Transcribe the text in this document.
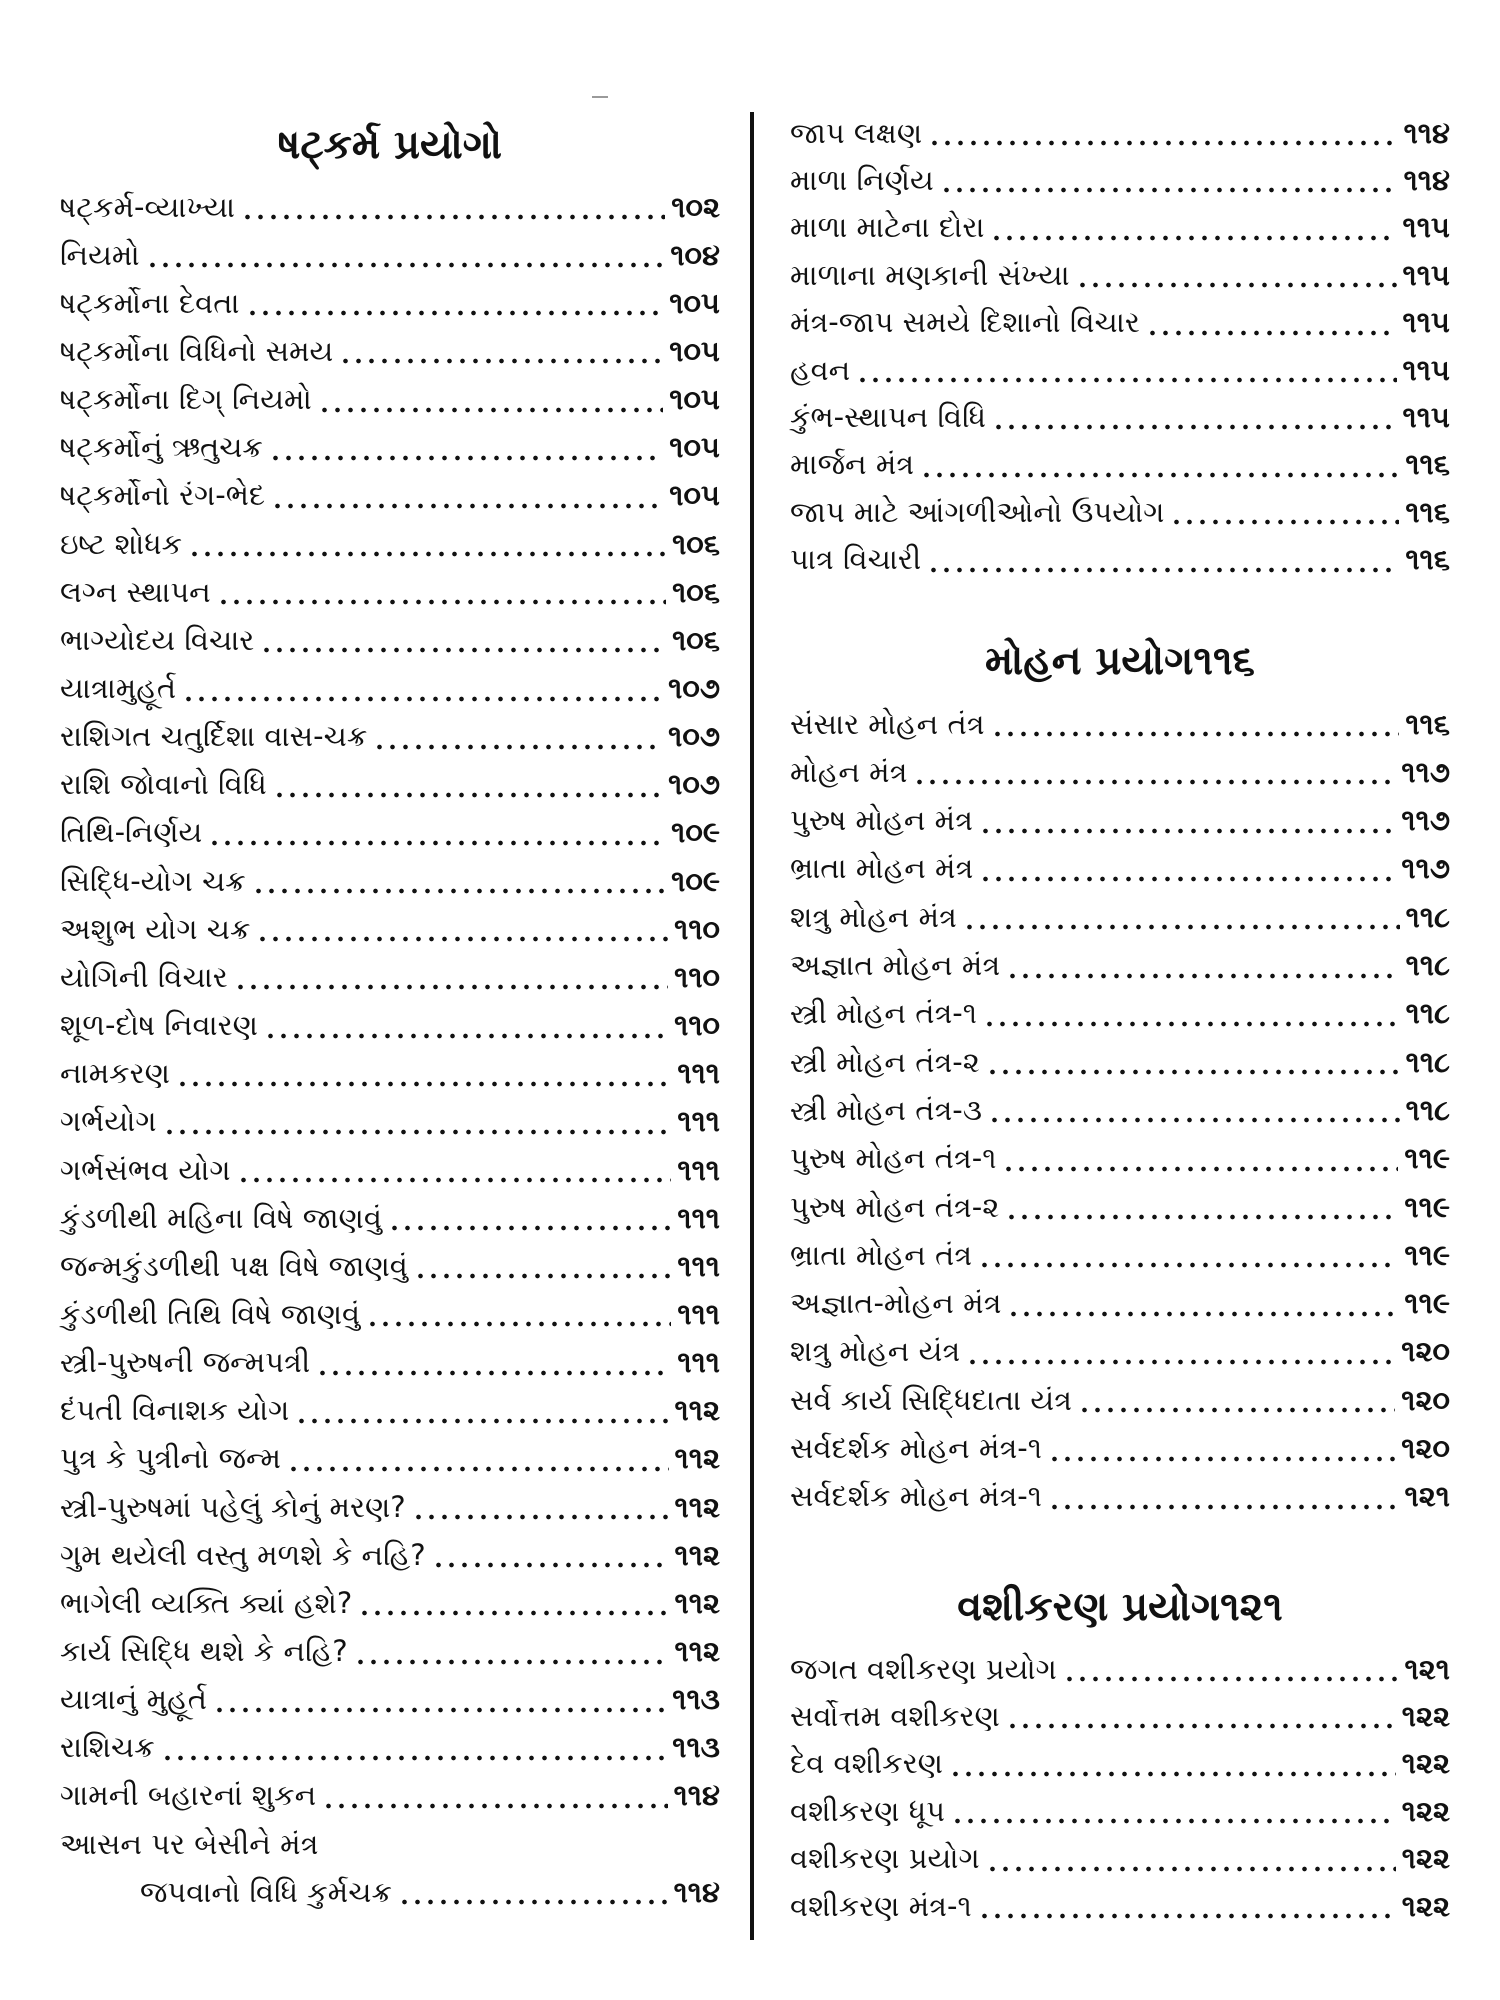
ષટ્કર્મ પ્રયોગો
ષટ્કર્મ-વ્યાખ્યા	૧૦૨
નિયમો	૧૦૪
ષટ્કર્મોના દેવતા	૧૦૫
ષટ્કર્મોના વિધિનો સમય	૧૦૫
ષટ્કર્મોના દિગ્ નિયમો	૧૦૫
ષટ્કર્મોનું ઋતુચક્ર	૧૦૫
ષટ્કર્મોનો રંગ-ભેદ	૧૦૫
ઇષ્ટ શોધક	૧૦૬
લગ્ન સ્થાપન	૧૦૬
ભાગ્યોદય વિચાર	૧૦૬
યાત્રામુહૂર્ત	૧૦૭
રાશિગત ચતુર્દિશા વાસ-ચક્ર	૧૦૭
રાશિ જોવાનો વિધિ	૧૦૭
તિથિ-નિર્ણય	૧૦૯
સિદ્ધિ-યોગ ચક્ર	૧૦૯
અશુભ યોગ ચક્ર	૧૧૦
યોગિની વિચાર	૧૧૦
શૂળ-દોષ નિવારણ	૧૧૦
નામકરણ	૧૧૧
ગર્ભયોગ	૧૧૧
ગર્ભસંભવ યોગ	૧૧૧
કુંડળીથી મહિના વિષે જાણવું	૧૧૧
જન્મકુંડળીથી પક્ષ વિષે જાણવું	૧૧૧
કુંડળીથી તિથિ વિષે જાણવું	૧૧૧
સ્ત્રી-પુરુષની જન્મપત્રી	૧૧૧
દંપતી વિનાશક યોગ	૧૧૨
પુત્ર કે પુત્રીનો જન્મ	૧૧૨
સ્ત્રી-પુરુષમાં પહેલું કોનું મરણ?	૧૧૨
ગુમ થયેલી વસ્તુ મળશે કે નહિ?	૧૧૨
ભાગેલી વ્યક્તિ ક્યાં હશે?	૧૧૨
કાર્ય સિદ્ધિ થશે કે નહિ?	૧૧૨
યાત્રાનું મુહૂર્ત	૧૧૩
રાશિચક્ર	૧૧૩
ગામની બહારનાં શુકન	૧૧૪
આસન પર બેસીને મંત્ર
જપવાનો વિધિ કુર્મચક્ર	૧૧૪
જાપ લક્ષણ	૧૧૪
માળા નિર્ણય	૧૧૪
માળા માટેના દોરા	૧૧૫
માળાના મણકાની સંખ્યા	૧૧૫
મંત્ર-જાપ સમયે દિશાનો વિચાર	૧૧૫
હવન	૧૧૫
કુંભ-સ્થાપન વિધિ	૧૧૫
માર્જન મંત્ર	૧૧૬
જાપ માટે આંગળીઓનો ઉપયોગ	૧૧૬
પાત્ર વિચારી	૧૧૬
મોહન પ્રયોગ૧૧૬
સંસાર મોહન તંત્ર	૧૧૬
મોહન મંત્ર	૧૧૭
પુરુષ મોહન મંત્ર	૧૧૭
ભ્રાતા મોહન મંત્ર	૧૧૭
શત્રુ મોહન મંત્ર	૧૧૮
અજ્ઞાત મોહન મંત્ર	૧૧૮
સ્ત્રી મોહન તંત્ર-૧	૧૧૮
સ્ત્રી મોહન તંત્ર-૨	૧૧૮
સ્ત્રી મોહન તંત્ર-૩	૧૧૮
પુરુષ મોહન તંત્ર-૧	૧૧૯
પુરુષ મોહન તંત્ર-૨	૧૧૯
ભ્રાતા મોહન તંત્ર	૧૧૯
અજ્ઞાત-મોહન મંત્ર	૧૧૯
શત્રુ મોહન યંત્ર	૧૨૦
સર્વ કાર્ય સિદ્ધિદાતા યંત્ર	૧૨૦
સર્વદર્શક મોહન મંત્ર-૧	૧૨૦
સર્વદર્શક મોહન મંત્ર-૧	૧૨૧
વશીકરણ પ્રયોગ૧૨૧
જગત વશીકરણ પ્રયોગ	૧૨૧
સર્વોત્તમ વશીકરણ	૧૨૨
દેવ વશીકરણ	૧૨૨
વશીકરણ ધૂપ	૧૨૨
વશીકરણ પ્રયોગ	૧૨૨
વશીકરણ મંત્ર-૧	૧૨૨
